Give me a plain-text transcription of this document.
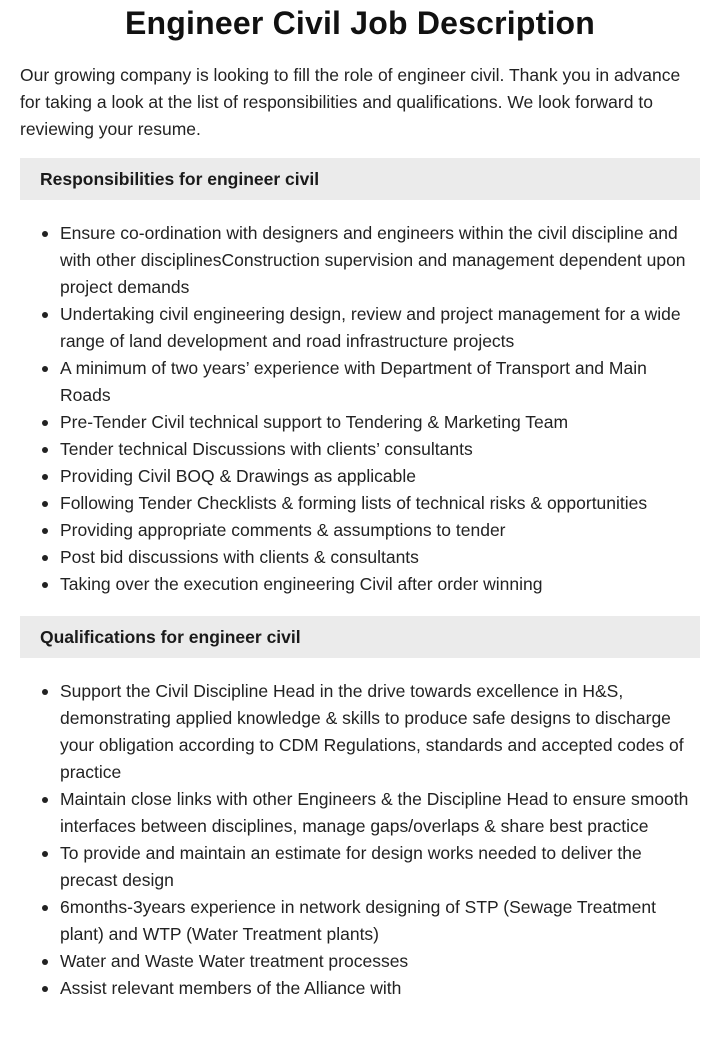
Engineer Civil Job Description

Our growing company is looking to fill the role of engineer civil. Thank you in advance for taking a look at the list of responsibilities and qualifications. We look forward to reviewing your resume.

Responsibilities for engineer civil
Ensure co-ordination with designers and engineers within the civil discipline and with other disciplinesConstruction supervision and management dependent upon project demands
Undertaking civil engineering design, review and project management for a wide range of land development and road infrastructure projects
A minimum of two years’ experience with Department of Transport and Main Roads
Pre-Tender Civil technical support to Tendering & Marketing Team
Tender technical Discussions with clients’ consultants
Providing Civil BOQ & Drawings as applicable
Following Tender Checklists & forming lists of technical risks & opportunities
Providing appropriate comments & assumptions to tender
Post bid discussions with clients & consultants
Taking over the execution engineering Civil after order winning
Qualifications for engineer civil
Support the Civil Discipline Head in the drive towards excellence in H&S, demonstrating applied knowledge & skills to produce safe designs to discharge your obligation according to CDM Regulations, standards and accepted codes of practice
Maintain close links with other Engineers & the Discipline Head to ensure smooth interfaces between disciplines, manage gaps/overlaps & share best practice
To provide and maintain an estimate for design works needed to deliver the precast design
6months-3years experience in network designing of STP (Sewage Treatment plant) and WTP (Water Treatment plants)
Water and Waste Water treatment processes
Assist relevant members of the Alliance with
